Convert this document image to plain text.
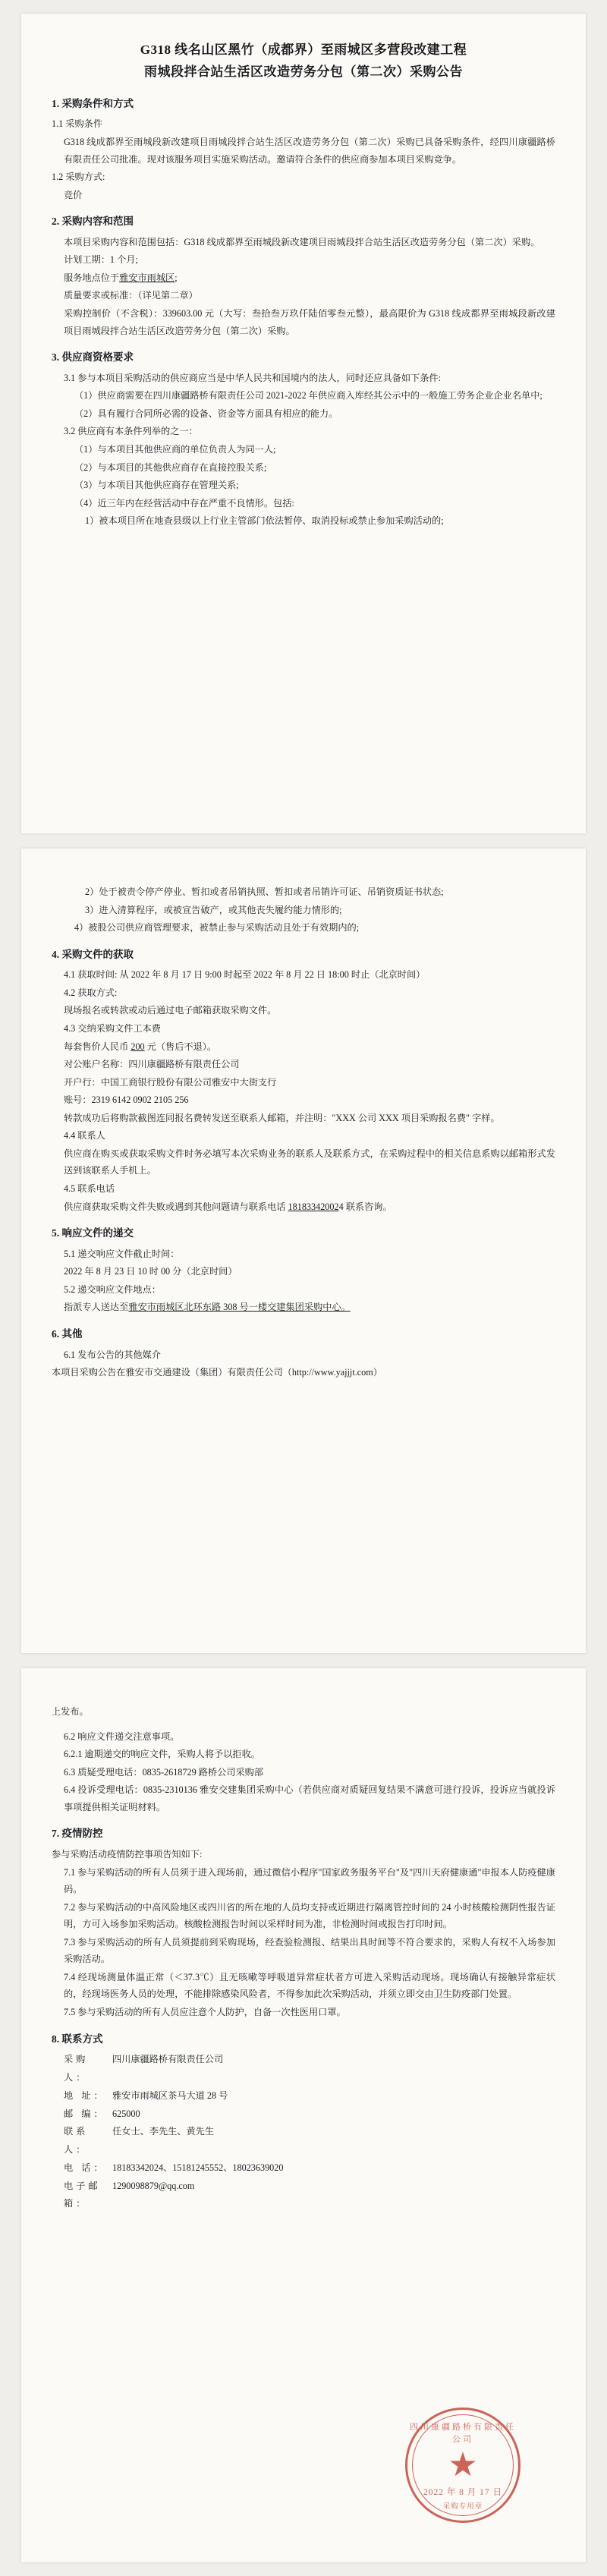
G318 线名山区黑竹（成都界）至雨城区多营段改建工程
雨城段拌合站生活区改造劳务分包（第二次）采购公告
1. 采购条件和方式

1.1 采购条件

G318 线成都界至雨城段新改建项目雨城段拌合站生活区改造劳务分包（第二次）采购已具备采购条件，经四川康疆路桥有限责任公司批准。现对该服务项目实施采购活动。邀请符合条件的供应商参加本项目采购竞争。

1.2 采购方式:

竞价

2. 采购内容和范围

本项目采购内容和范围包括：G318 线成都界至雨城段新改建项目雨城段拌合站生活区改造劳务分包（第二次）采购。

计划工期：1 个月;

服务地点位于雅安市雨城区;

质量要求或标准：（详见第二章）

采购控制价（不含税）：339603.00 元（大写：叁拾叁万玖仟陆佰零叁元整），最高限价为 G318 线成都界至雨城段新改建项目雨城段拌合站生活区改造劳务分包（第二次）采购。

3. 供应商资格要求

3.1 参与本项目采购活动的供应商应当是中华人民共和国境内的法人，同时还应具备如下条件:

（1）供应商需要在四川康疆路桥有限责任公司 2021-2022 年供应商入库经其公示中的一般施工劳务企业企业名单中;

（2）具有履行合同所必需的设备、资金等方面具有相应的能力。

3.2 供应商有本条件列举的之一：

（1）与本项目其他供应商的单位负责人为同一人;

（2）与本项目的其他供应商存在直接控股关系;

（3）与本项目其他供应商存在管理关系;

（4）近三年内在经营活动中存在严重不良情形。包括:

1）被本项目所在地查县级以上行业主管部门依法暂停、取消投标或禁止参加采购活动的;

2）处于被责令停产停业、暂扣或者吊销执照、暂扣或者吊销许可证、吊销资质证书状态;

3）进入清算程序，或被宣告破产，或其他丧失履约能力情形的;

4）被股公司供应商管理要求，被禁止参与采购活动且处于有效期内的;

4. 采购文件的获取

4.1 获取时间: 从 2022 年 8 月 17 日 9:00 时起至 2022 年 8 月 22 日 18:00 时止（北京时间）

4.2 获取方式:

现场报名或转款或动后通过电子邮箱获取采购文件。

4.3 交纳采购文件工本费

每套售价人民币 200 元（售后不退）。

对公账户名称：四川康疆路桥有限责任公司

开户行：中国工商银行股份有限公司雅安中大街支行

账号：2319 6142 0902 2105 256

转款成功后将购款截图连同报名费转发送至联系人邮箱，并注明："XXX 公司 XXX 项目采购报名费" 字样。

4.4 联系人

供应商在购买或获取采购文件时务必填写本次采购业务的联系人及联系方式，在采购过程中的相关信息系购以邮箱形式发送到该联系人手机上。

4.5 联系电话

供应商获取采购文件失败或遇到其他问题请与联系电话 181833420024 联系咨询。

5. 响应文件的递交

5.1 递交响应文件截止时间：

2022 年 8 月 23 日 10 时 00 分（北京时间）

5.2 递交响应文件地点：

指派专人送达至雅安市雨城区北环东路 308 号一楼交建集团采购中心。

6. 其他

6.1 发布公告的其他媒介

本项目采购公告在雅安市交通建设（集团）有限责任公司（http://www.yajjjt.com）

上发布。

6.2 响应文件递交注意事项。

6.2.1 逾期递交的响应文件，采购人将予以拒收。

6.3 质疑受理电话：0835-2618729 路桥公司采购部

6.4 投诉受理电话：0835-2310136 雅安交建集团采购中心（若供应商对质疑回复结果不满意可进行投诉，投诉应当就投诉事项提供相关证明材料。

7. 疫情防控

参与采购活动疫情防控事项告知如下:

7.1 参与采购活动的所有人员须于进入现场前，通过微信小程序"国家政务服务平台"及"四川天府健康通"申报本人防疫健康码。

7.2 参与采购活动的中高风险地区或四川省的所在地的人员均支持或近期进行隔离管控时间的 24 小时核酸检测阴性报告证明，方可入场参加采购活动。核酸检测报告时间以采样时间为准，非检测时间或报告打印时间。

7.3 参与采购活动的所有人员须提前到采购现场，经查验检测报、结果出具时间等不符合要求的，采购人有权不入场参加采购活动。

7.4 经现场测量体温正常（＜37.3℃）且无咳嗽等呼吸道异常症状者方可进入采购活动现场。现场确认有接触异常症状的，经现场医务人员的处理，不能排除感染风险者，不得参加此次采购活动，并须立即交由卫生防疫部门处置。

7.5 参与采购活动的所有人员应注意个人防护，自备一次性医用口罩。

8. 联系方式
采购人：
四川康疆路桥有限责任公司
地 址： 雅安市雨城区茶马大道 28 号
邮 编： 625000
联系人：
任女士、李先生、黄先生
电 话： 18183342024、15181245552、18023639020
电子邮箱：
1290098879@qq.com
四川康疆路桥有限责任公司
★
2022 年 8 月 17 日
采购专用章
